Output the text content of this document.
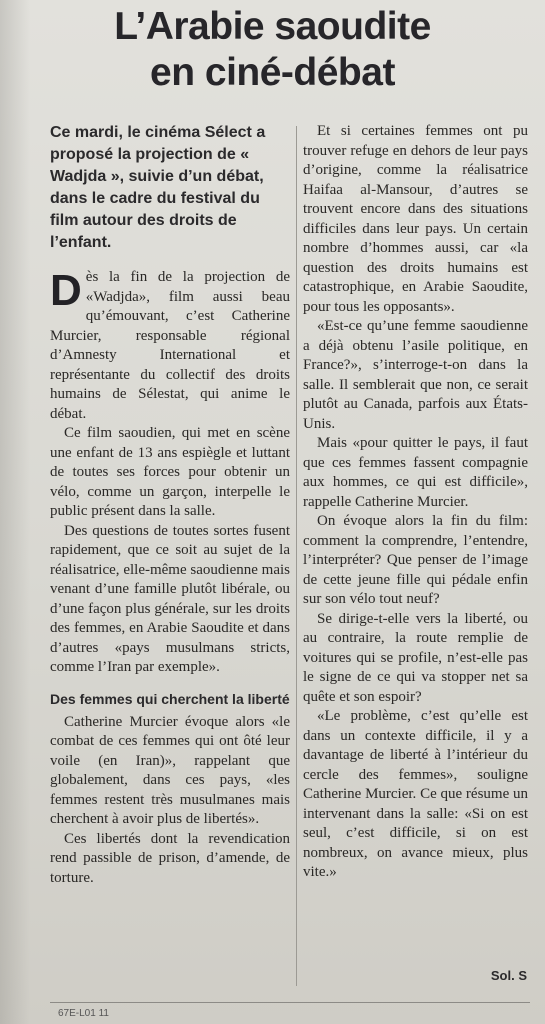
L’Arabie saoudite
en ciné-débat
Ce mardi, le cinéma Sélect a proposé la projection de « Wadjda », suivie d’un débat, dans le cadre du festival du film autour des droits de l’enfant.

Dès la fin de la projection de «Wadjda», film aussi beau qu’émouvant, c’est Catherine Murcier, responsable régional d’Amnesty International et représentante du collectif des droits humains de Sélestat, qui anime le débat.

Ce film saoudien, qui met en scène une enfant de 13 ans espiègle et luttant de toutes ses forces pour obtenir un vélo, comme un garçon, interpelle le public présent dans la salle.

Des questions de toutes sortes fusent rapidement, que ce soit au sujet de la réalisatrice, elle-même saoudienne mais venant d’une famille plutôt libérale, ou d’une façon plus générale, sur les droits des femmes, en Arabie Saoudite et dans d’autres «pays musulmans stricts, comme l’Iran par exemple».

Des femmes qui cherchent la liberté

Catherine Murcier évoque alors «le combat de ces femmes qui ont ôté leur voile (en Iran)», rappelant que globalement, dans ces pays, «les femmes restent très musulmanes mais cherchent à avoir plus de libertés».

Ces libertés dont la revendication rend passible de prison, d’amende, de torture.

Et si certaines femmes ont pu trouver refuge en dehors de leur pays d’origine, comme la réalisatrice Haifaa al-Mansour, d’autres se trouvent encore dans des situations difficiles dans leur pays. Un certain nombre d’hommes aussi, car «la question des droits humains est catastrophique, en Arabie Saoudite, pour tous les opposants».

«Est-ce qu’une femme saoudienne a déjà obtenu l’asile politique, en France?», s’interroge-t-on dans la salle. Il semblerait que non, ce serait plutôt au Canada, parfois aux États-Unis.

Mais «pour quitter le pays, il faut que ces femmes fassent compagnie aux hommes, ce qui est difficile», rappelle Catherine Murcier.

On évoque alors la fin du film: comment la comprendre, l’entendre, l’interpréter? Que penser de l’image de cette jeune fille qui pédale enfin sur son vélo tout neuf?

Se dirige-t-elle vers la liberté, ou au contraire, la route remplie de voitures qui se profile, n’est-elle pas le signe de ce qui va stopper net sa quête et son espoir?

«Le problème, c’est qu’elle est dans un contexte difficile, il y a davantage de liberté à l’intérieur du cercle des femmes», souligne Catherine Murcier. Ce que résume un intervenant dans la salle: «Si on est seul, c’est difficile, si on est nombreux, on avance mieux, plus vite.»

Sol. S
67E-L01 11
